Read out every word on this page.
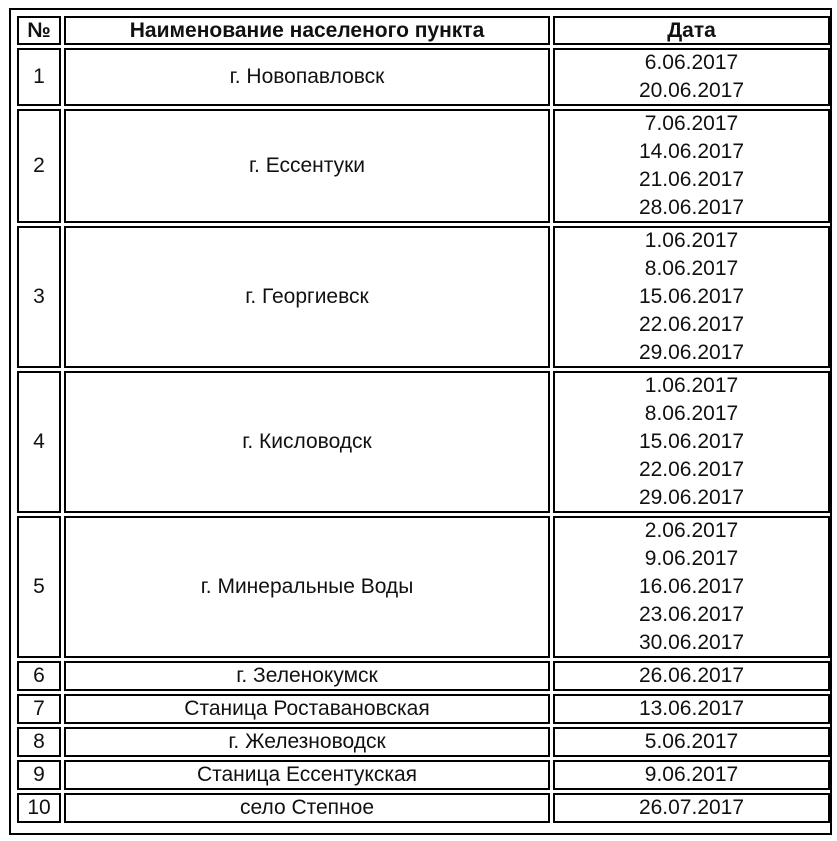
№	Наименование населеного пункта	Дата
1	г. Новопавловск	6.06.2017
20.06.2017

2	г. Ессентуки	7.06.2017
14.06.2017
21.06.2017
28.06.2017

3	г. Георгиевск	1.06.2017
8.06.2017
15.06.2017
22.06.2017
29.06.2017

4	г. Кисловодск	1.06.2017
8.06.2017
15.06.2017
22.06.2017
29.06.2017

5	г. Минеральные Воды	2.06.2017
9.06.2017
16.06.2017
23.06.2017
30.06.2017

6	г. Зеленокумск	26.06.2017

7	Станица Роставановская	13.06.2017

8	г. Железноводск	5.06.2017

9	Станица Ессентукская	9.06.2017

10	село Степное	26.07.2017
